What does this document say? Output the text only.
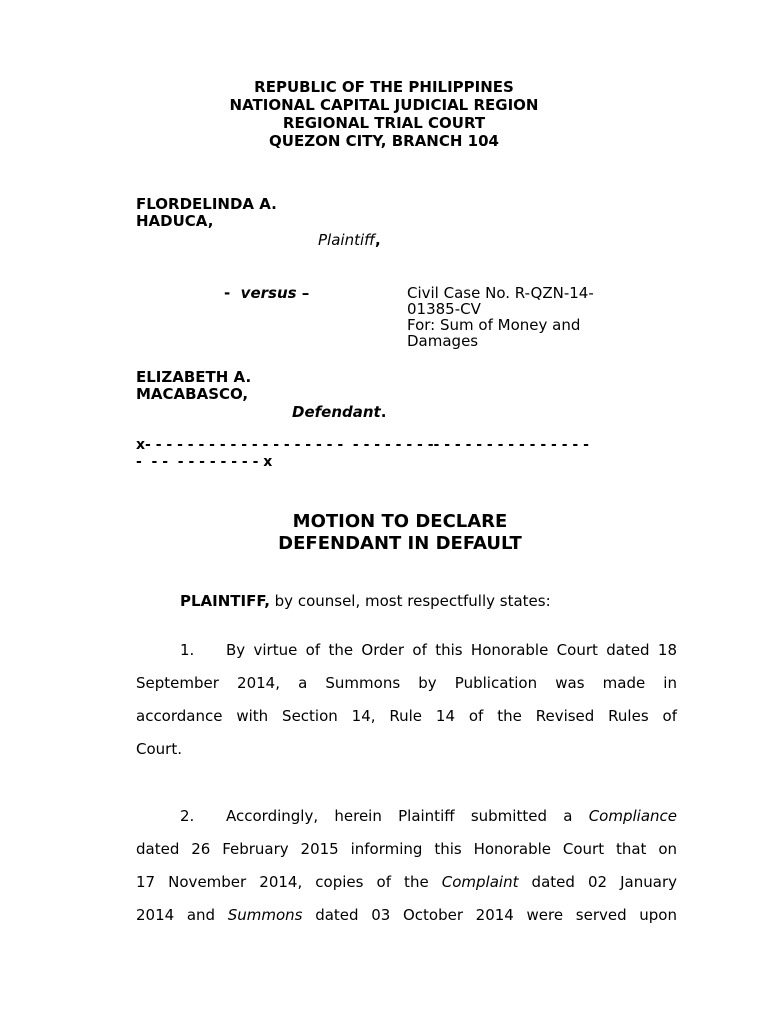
REPUBLIC OF THE PHILIPPINES
NATIONAL CAPITAL JUDICIAL REGION
REGIONAL TRIAL COURT
QUEZON CITY, BRANCH 104
FLORDELINDA A.
HADUCA,
Plaintiff,
-  versus –	Civil Case No. R-QZN-14-
01385-CV
For: Sum of Money and
Damages
ELIZABETH A.
MACABASCO,
Defendant.
x- - - - - - - - - - - - - - - - - - -  - - - - - - - -- - - - - - - - - - - - - - -
-  - -  - - - - - - - - x
MOTION TO DECLARE
DEFENDANT IN DEFAULT
PLAINTIFF, by counsel, most respectfully states:
1. By virtue of the Order of this Honorable Court dated 18
September 2014, a Summons by Publication was made in
accordance with Section 14, Rule 14 of the Revised Rules of
Court.
2. Accordingly, herein Plaintiff submitted a Compliance
dated 26 February 2015 informing this Honorable Court that on
17 November 2014, copies of the Complaint dated 02 January
2014 and Summons dated 03 October 2014 were served upon
